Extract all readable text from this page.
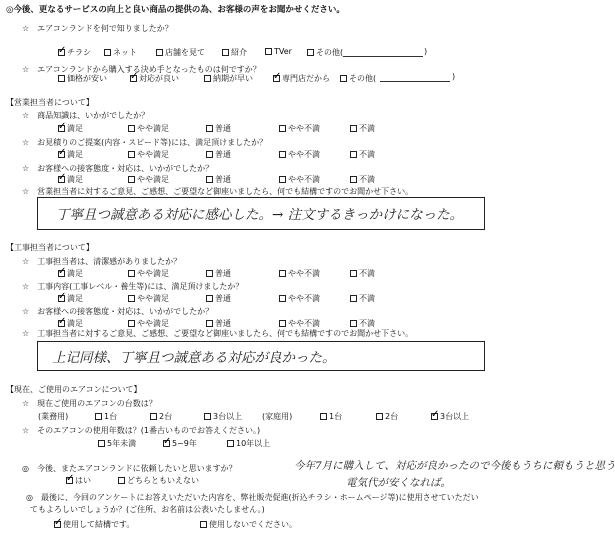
◎今後、更なるサービスの向上と良い商品の提供の為、お客様の声をお聞かせください。
☆　エアコンランドを何で知りましたか？
✓チラシ	ネット	店舗を見て	紹介	TVer	その他(	)
☆　エアコンランドから購入する決め手となったものは何ですか？
価格が安い ✓	対応が良い	納期が早い ✓	専門店だから	その他(	)
【営業担当者について】
☆　商品知識は、いかがでしたか？
✓満足	やや満足	普通	やや不満	不満
☆　お見積りのご提案(内容・スピード等)には、満足頂けましたか？
✓満足	やや満足	普通	やや不満	不満
☆　お客様への接客態度・対応は、いかがでしたか？
✓満足	やや満足	普通	やや不満	不満
☆　営業担当者に対するご意見、ご感想、ご要望など御座いましたら、何でも結構ですのでお聞かせ下さい。
丁寧且つ誠意ある対応に感心した。→ 注文するきっかけになった。
【工事担当者について】
☆　工事担当者は、清潔感がありましたか？
✓満足	やや満足	普通	やや不満	不満
☆　工事内容(工事レベル・養生等)には、満足頂けましたか？
✓満足	やや満足	普通	やや不満	不満
☆　お客様への接客態度・対応は、いかがでしたか？
✓満足	やや満足	普通	やや不満	不満
☆　工事担当者に対するご意見、ご感想、ご要望など御座いましたら、何でも結構ですのでお聞かせ下さい。
上记同様、丁寧且つ誠意ある対応が良かった。
【現在、ご使用のエアコンについて】
☆　現在ご使用のエアコンの台数は？
(業務用)	1台	2台	3台以上 (家庭用)	1台	2台 ✓	3台以上
☆　そのエアコンの使用年数は？(1番古いものでお答えください。)
5年未満 ✓	5~9年	10年以上
◎　今後、またエアコンランドに依頼したいと思いますか？
✓はい	どちらともいえない
今年7月に購入して、対応が良かったので今後もうちに頼もうと思う
電気代が安くなれば。
◎　最後に、今回のアンケートにお答えいただいた内容を、弊社販売促進(折込チラシ・ホームページ等)に使用させていただい
てもよろしいでしょうか？(ご住所、お名前は公表いたしません。)
✓使用して結構です。	使用しないでください。
